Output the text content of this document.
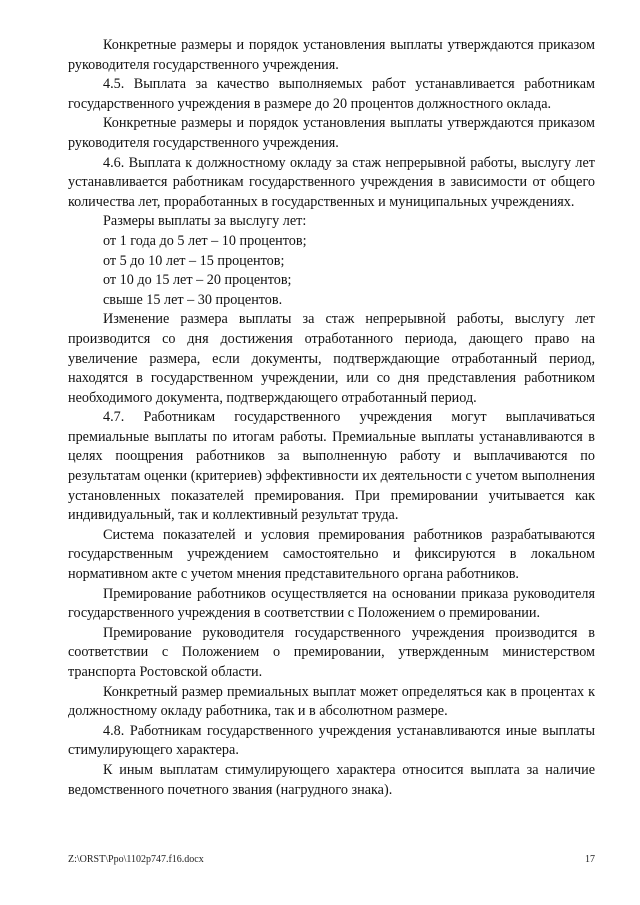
Конкретные размеры и порядок установления выплаты утверждаются приказом руководителя государственного учреждения.

4.5. Выплата за качество выполняемых работ устанавливается работникам государственного учреждения в размере до 20 процентов должностного оклада.

Конкретные размеры и порядок установления выплаты утверждаются приказом руководителя государственного учреждения.

4.6. Выплата к должностному окладу за стаж непрерывной работы, выслугу лет устанавливается работникам государственного учреждения в зависимости от общего количества лет, проработанных в государственных и муниципальных учреждениях.

Размеры выплаты за выслугу лет:

от 1 года до 5 лет – 10 процентов;

от 5 до 10 лет – 15 процентов;

от 10 до 15 лет – 20 процентов;

свыше 15 лет – 30 процентов.

Изменение размера выплаты за стаж непрерывной работы, выслугу лет производится со дня достижения отработанного периода, дающего право на увеличение размера, если документы, подтверждающие отработанный период, находятся в государственном учреждении, или со дня представления работником необходимого документа, подтверждающего отработанный период.

4.7. Работникам государственного учреждения могут выплачиваться премиальные выплаты по итогам работы. Премиальные выплаты устанавливаются в целях поощрения работников за выполненную работу и выплачиваются по результатам оценки (критериев) эффективности их деятельности с учетом выполнения установленных показателей премирования. При премировании учитывается как индивидуальный, так и коллективный результат труда.

Система показателей и условия премирования работников разрабатываются государственным учреждением самостоятельно и фиксируются в локальном нормативном акте с учетом мнения представительного органа работников.

Премирование работников осуществляется на основании приказа руководителя государственного учреждения в соответствии с Положением о премировании.

Премирование руководителя государственного учреждения производится в соответствии с Положением о премировании, утвержденным министерством транспорта Ростовской области.

Конкретный размер премиальных выплат может определяться как в процентах к должностному окладу работника, так и в абсолютном размере.

4.8. Работникам государственного учреждения устанавливаются иные выплаты стимулирующего характера.

К иным выплатам стимулирующего характера относится выплата за наличие ведомственного почетного звания (нагрудного знака).

Z:\ORST\Ppo\1102p747.f16.docx	17
